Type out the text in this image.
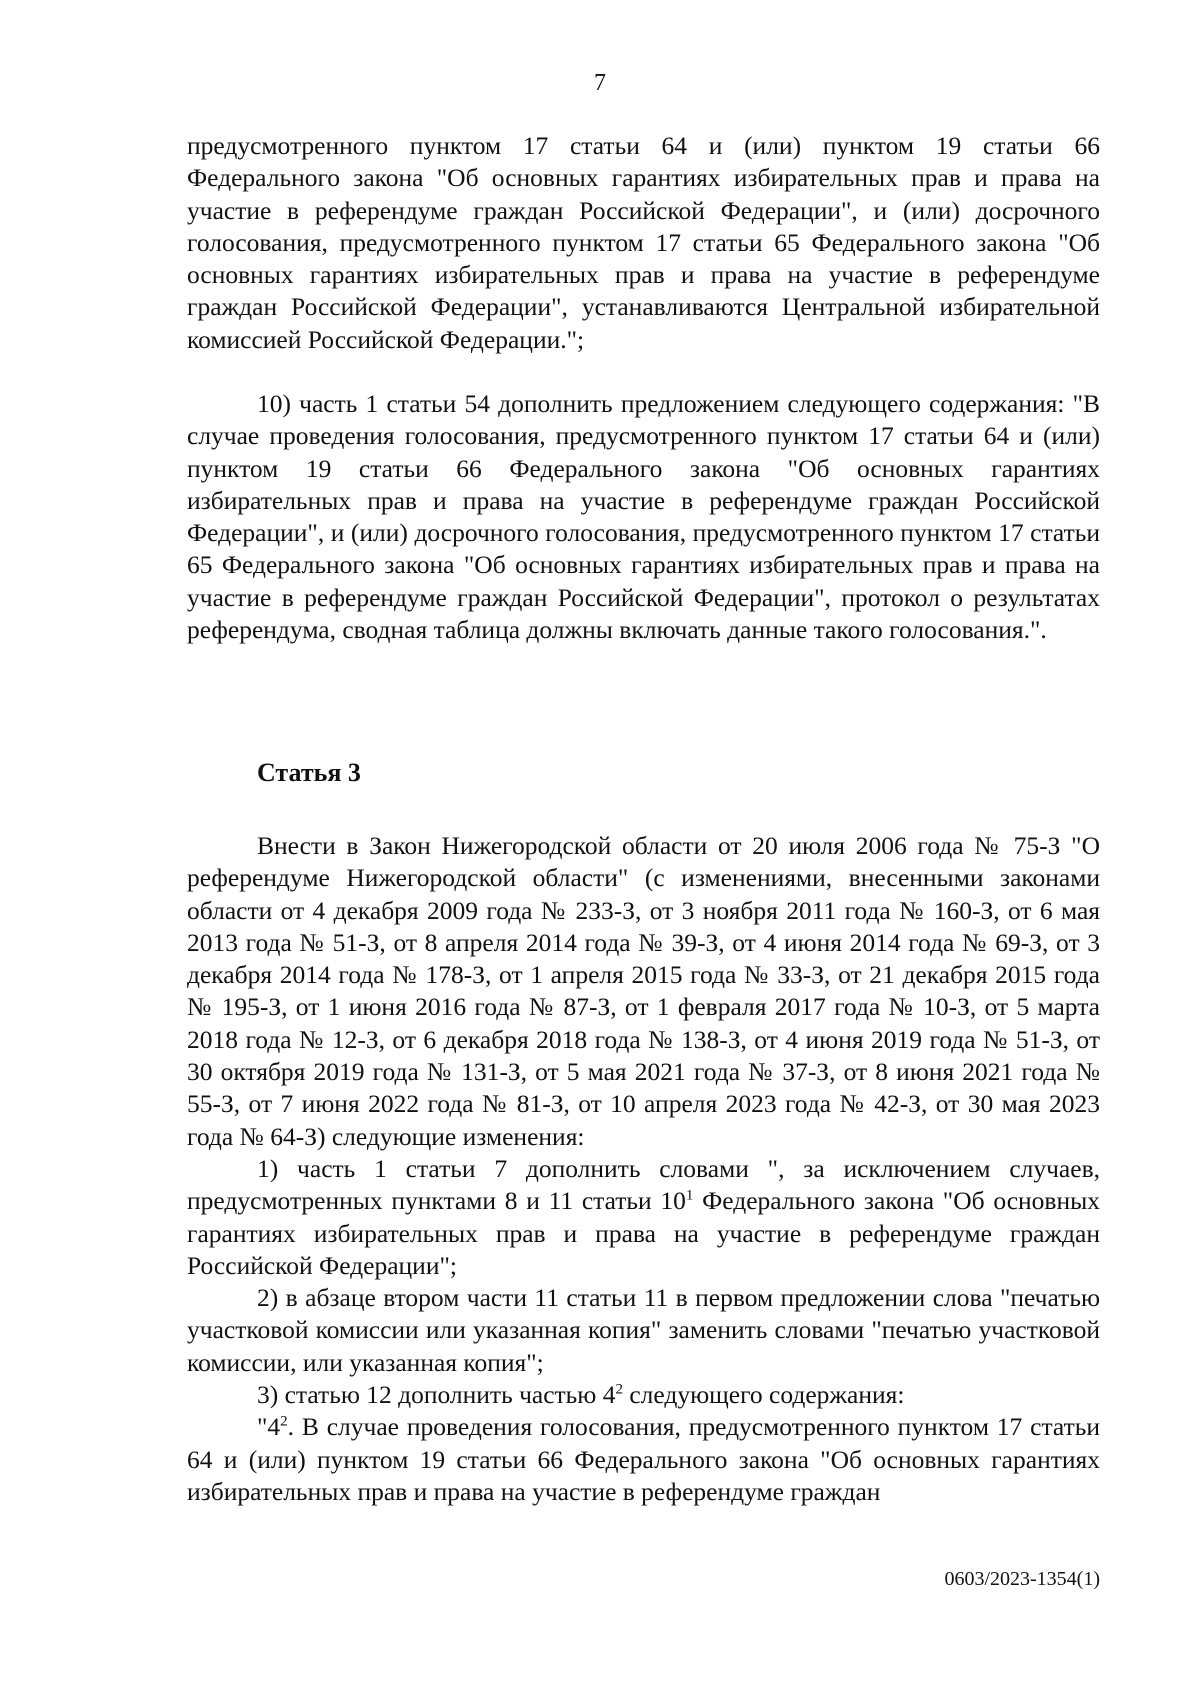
7

предусмотренного пунктом 17 статьи 64 и (или) пунктом 19 статьи 66 Федерального закона "Об основных гарантиях избирательных прав и права на участие в референдуме граждан Российской Федерации", и (или) досрочного голосования, предусмотренного пунктом 17 статьи 65 Федерального закона "Об основных гарантиях избирательных прав и права на участие в референдуме граждан Российской Федерации", устанавливаются Центральной избирательной комиссией Российской Федерации.";

10) часть 1 статьи 54 дополнить предложением следующего содержания: "В случае проведения голосования, предусмотренного пунктом 17 статьи 64 и (или) пунктом 19 статьи 66 Федерального закона "Об основных гарантиях избирательных прав и права на участие в референдуме граждан Российской Федерации", и (или) досрочного голосования, предусмотренного пунктом 17 статьи 65 Федерального закона "Об основных гарантиях избирательных прав и права на участие в референдуме граждан Российской Федерации", протокол о результатах референдума, сводная таблица должны включать данные такого голосования.".

Статья 3

Внести в Закон Нижегородской области от 20 июля 2006 года № 75-З "О референдуме Нижегородской области" (с изменениями, внесенными законами области от 4 декабря 2009 года № 233-З, от 3 ноября 2011 года № 160-З, от 6 мая 2013 года № 51-З, от 8 апреля 2014 года № 39-З, от 4 июня 2014 года № 69-З, от 3 декабря 2014 года № 178-З, от 1 апреля 2015 года № 33-З, от 21 декабря 2015 года № 195-З, от 1 июня 2016 года № 87-З, от 1 февраля 2017 года № 10-З, от 5 марта 2018 года № 12-З, от 6 декабря 2018 года № 138-З, от 4 июня 2019 года № 51-З, от 30 октября 2019 года № 131-З, от 5 мая 2021 года № 37-З, от 8 июня 2021 года № 55-З, от 7 июня 2022 года № 81-З, от 10 апреля 2023 года № 42-З, от 30 мая 2023 года № 64-З) следующие изменения:

1) часть 1 статьи 7 дополнить словами ", за исключением случаев, предусмотренных пунктами 8 и 11 статьи $10^1$ Федерального закона "Об основных гарантиях избирательных прав и права на участие в референдуме граждан Российской Федерации";

2) в абзаце втором части 11 статьи 11 в первом предложении слова "печатью участковой комиссии или указанная копия" заменить словами "печатью участковой комиссии, или указанная копия";

3) статью 12 дополнить частью $4^2$ следующего содержания:

"$4^2$. В случае проведения голосования, предусмотренного пунктом 17 статьи 64 и (или) пунктом 19 статьи 66 Федерального закона "Об основных гарантиях избирательных прав и права на участие в референдуме граждан

0603/2023-1354(1)
